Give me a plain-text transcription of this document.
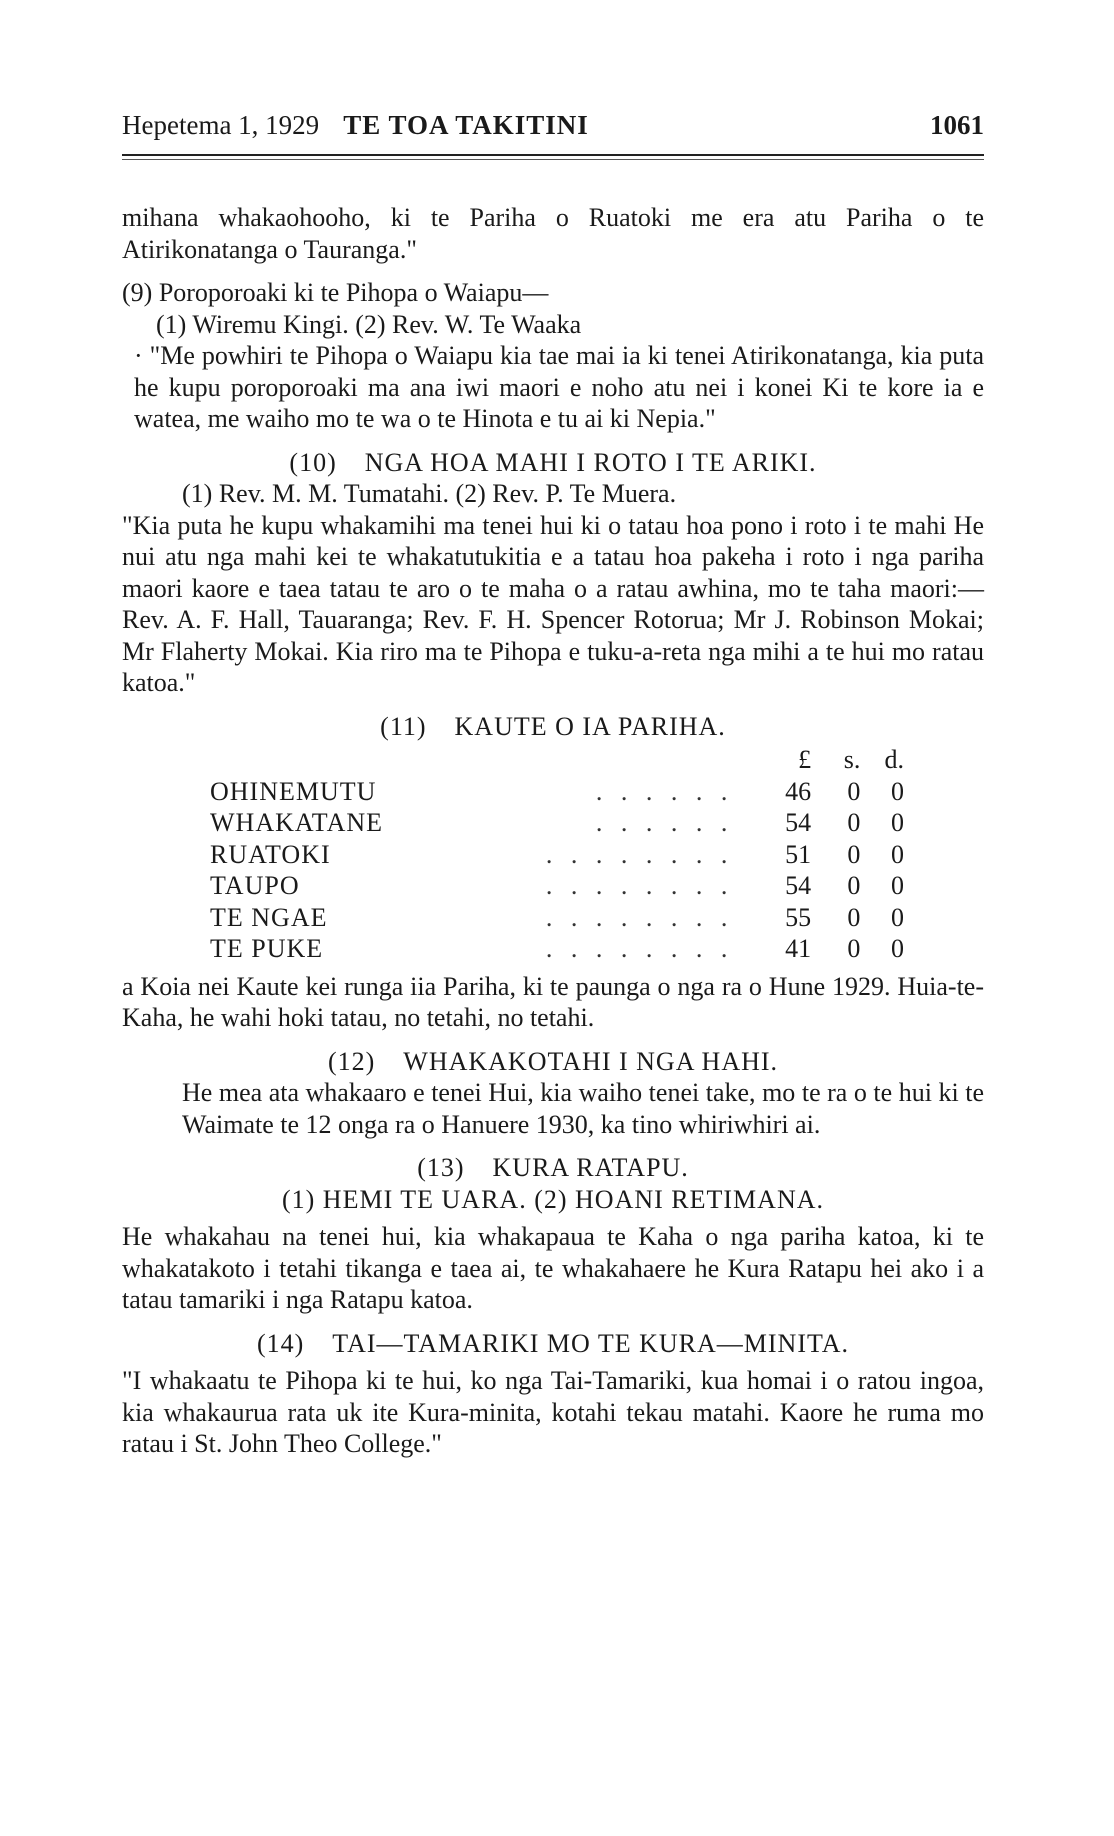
Hepetema 1, 1929 TE TOA TAKITINI	1061

mihana whakaohooho, ki te Pariha o Ruatoki me era atu Pariha o te Atirikonatanga o Tauranga."

(9) Poroporoaki ki te Pihopa o Waiapu—

(1) Wiremu Kingi. (2) Rev. W. Te Waaka

· "Me powhiri te Pihopa o Waiapu kia tae mai ia ki tenei Atirikonatanga, kia puta he kupu poroporoaki ma ana iwi maori e noho atu nei i konei Ki te kore ia e watea, me waiho mo te wa o te Hinota e tu ai ki Nepia."

(10) NGA HOA MAHI I ROTO I TE ARIKI.

(1) Rev. M. M. Tumatahi. (2) Rev. P. Te Muera.

"Kia puta he kupu whakamihi ma tenei hui ki o tatau hoa pono i roto i te mahi He nui atu nga mahi kei te whakatutukitia e a tatau hoa pakeha i roto i nga pariha maori kaore e taea tatau te aro o te maha o a ratau awhina, mo te taha maori:—Rev. A. F. Hall, Tauaranga; Rev. F. H. Spencer Rotorua; Mr J. Robinson Mokai; Mr Flaherty Mokai. Kia riro ma te Pihopa e tuku-a-reta nga mihi a te hui mo ratau katoa."

(11) KAUTE O IA PARIHA.

		£	s.	d.
OHINEMUTU	. . . . . .	46	0	0
WHAKATANE	. . . . . .	54	0	0
RUATOKI	. . . . . . . .	51	0	0
TAUPO	. . . . . . . .	54	0	0
TE NGAE	. . . . . . . .	55	0	0
TE PUKE	. . . . . . . .	41	0	0

a Koia nei Kaute kei runga iia Pariha, ki te paunga o nga ra o Hune 1929. Huia-te-Kaha, he wahi hoki tatau, no tetahi, no tetahi.

(12) WHAKAKOTAHI I NGA HAHI.

He mea ata whakaaro e tenei Hui, kia waiho tenei take, mo te ra o te hui ki te Waimate te 12 onga ra o Hanuere 1930, ka tino whiriwhiri ai.

(13) KURA RATAPU.

(1) HEMI TE UARA. (2) HOANI RETIMANA.

He whakahau na tenei hui, kia whakapaua te Kaha o nga pariha katoa, ki te whakatakoto i tetahi tikanga e taea ai, te whakahaere he Kura Ratapu hei ako i a tatau tamariki i nga Ratapu katoa.

(14) TAI—TAMARIKI MO TE KURA—MINITA.

"I whakaatu te Pihopa ki te hui, ko nga Tai-Tamariki, kua homai i o ratou ingoa, kia whakaurua rata uk ite Kura-minita, kotahi tekau matahi. Kaore he ruma mo ratau i St. John Theo College."
